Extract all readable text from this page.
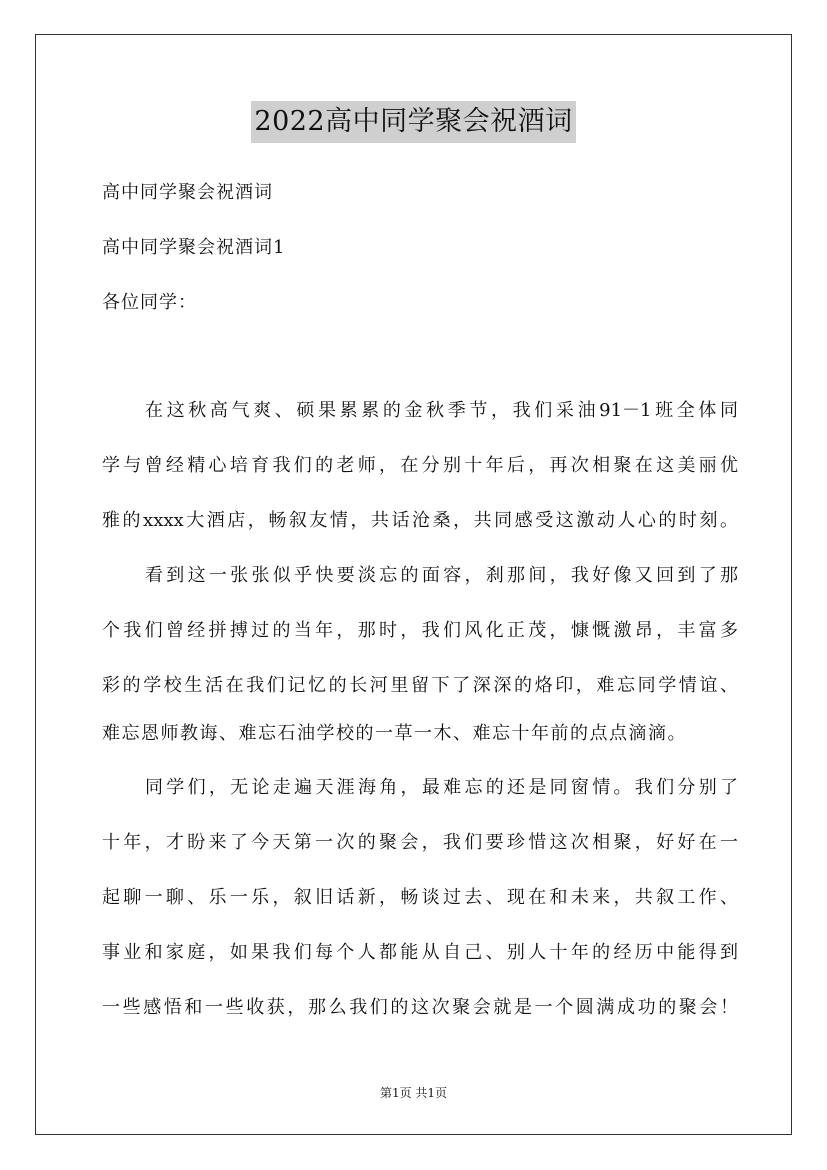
2022高中同学聚会祝酒词
高中同学聚会祝酒词
高中同学聚会祝酒词1
各位同学：
在这秋高气爽、硕果累累的金秋季节，我们采油91－1班全体同
学与曾经精心培育我们的老师，在分别十年后，再次相聚在这美丽优
雅的xxxx大酒店，畅叙友情，共话沧桑，共同感受这激动人心的时刻。
看到这一张张似乎快要淡忘的面容，刹那间，我好像又回到了那
个我们曾经拼搏过的当年，那时，我们风化正茂，慷慨激昂，丰富多
彩的学校生活在我们记忆的长河里留下了深深的烙印，难忘同学情谊、
难忘恩师教诲、难忘石油学校的一草一木、难忘十年前的点点滴滴。
同学们，无论走遍天涯海角，最难忘的还是同窗情。我们分别了
十年，才盼来了今天第一次的聚会，我们要珍惜这次相聚，好好在一
起聊一聊、乐一乐，叙旧话新，畅谈过去、现在和未来，共叙工作、
事业和家庭，如果我们每个人都能从自己、别人十年的经历中能得到
一些感悟和一些收获，那么我们的这次聚会就是一个圆满成功的聚会！
第1页 共1页
